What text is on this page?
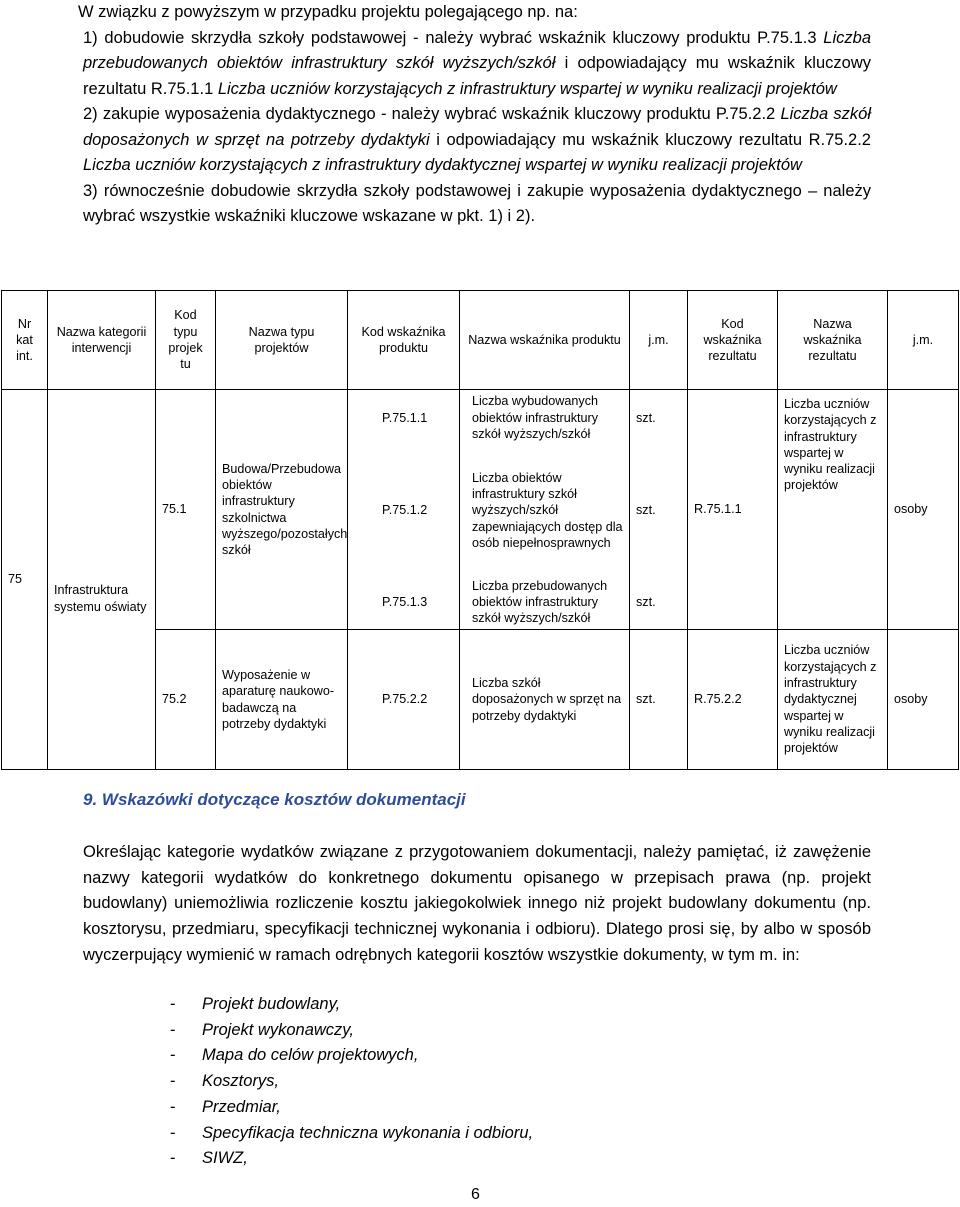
W związku z powyższym w przypadku projektu polegającego np. na:

1) dobudowie skrzydła szkoły podstawowej - należy wybrać wskaźnik kluczowy produktu P.75.1.3 Liczba przebudowanych obiektów infrastruktury szkół wyższych/szkół i odpowiadający mu wskaźnik kluczowy rezultatu R.75.1.1 Liczba uczniów korzystających z infrastruktury wspartej w wyniku realizacji projektów

2) zakupie wyposażenia dydaktycznego - należy wybrać wskaźnik kluczowy produktu P.75.2.2 Liczba szkół doposażonych w sprzęt na potrzeby dydaktyki i odpowiadający mu wskaźnik kluczowy rezultatu R.75.2.2 Liczba uczniów korzystających z infrastruktury dydaktycznej wspartej w wyniku realizacji projektów

3) równocześnie dobudowie skrzydła szkoły podstawowej i zakupie wyposażenia dydaktycznego – należy wybrać wszystkie wskaźniki kluczowe wskazane w pkt. 1) i 2).

Nr kat int.	Nazwa kategorii interwencji	Kod typu projek tu	Nazwa typu projektów	Kod wskaźnika produktu	Nazwa wskaźnika produktu	j.m.	Kod wskaźnika rezultatu	Nazwa wskaźnika rezultatu	j.m.
75	Infrastruktura systemu oświaty	75.1	Budowa/Przebudowa obiektów infrastruktury szkolnictwa wyższego/pozostałych szkół	P.75.1.1	Liczba wybudowanych obiektów infrastruktury szkół wyższych/szkół	szt.	R.75.1.1	Liczba uczniów korzystających z infrastruktury wspartej w wyniku realizacji projektów	osoby
				P.75.1.2	Liczba obiektów infrastruktury szkół wyższych/szkół zapewniających dostęp dla osób niepełnosprawnych	szt.			
				P.75.1.3	Liczba przebudowanych obiektów infrastruktury szkół wyższych/szkół	szt.			
		75.2	Wyposażenie w aparaturę naukowo-badawczą na potrzeby dydaktyki	P.75.2.2	Liczba szkół doposażonych w sprzęt na potrzeby dydaktyki	szt.	R.75.2.2	Liczba uczniów korzystających z infrastruktury dydaktycznej wspartej w wyniku realizacji projektów	osoby
9. Wskazówki dotyczące kosztów dokumentacji
Określając kategorie wydatków związane z przygotowaniem dokumentacji, należy pamiętać, iż zawężenie nazwy kategorii wydatków do konkretnego dokumentu opisanego w przepisach prawa (np. projekt budowlany) uniemożliwia rozliczenie kosztu jakiegokolwiek innego niż projekt budowlany dokumentu (np. kosztorysu, przedmiaru, specyfikacji technicznej wykonania i odbioru). Dlatego prosi się, by albo w sposób wyczerpujący wymienić w ramach odrębnych kategorii kosztów wszystkie dokumenty, w tym m. in:
- Projekt budowlany,
- Projekt wykonawczy,
- Mapa do celów projektowych,
- Kosztorys,
- Przedmiar,
- Specyfikacja techniczna wykonania i odbioru,
- SIWZ,
6
